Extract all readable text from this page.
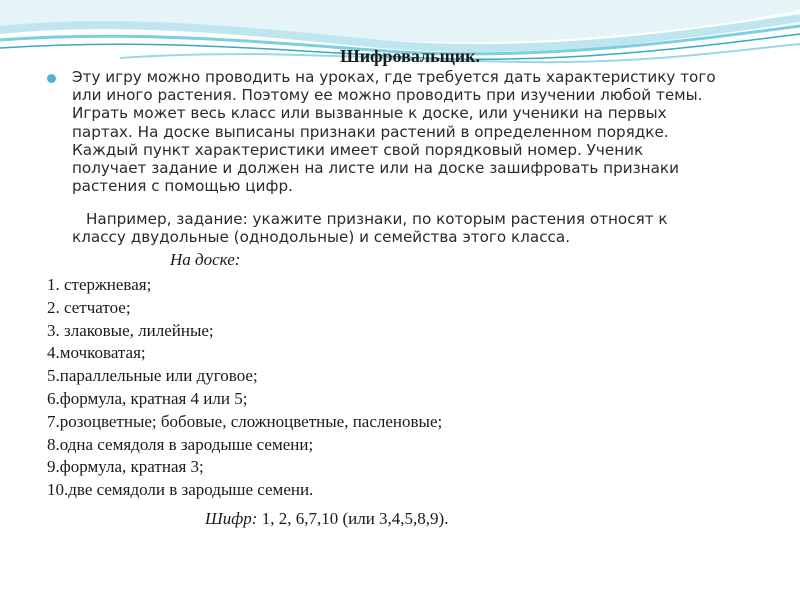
Шифровальщик.

Эту игру можно проводить на уроках, где требуется дать характеристику того
или иного растения. Поэтому ее можно проводить при изучении любой темы.
Играть может весь класс или вызванные к доске, или ученики на первых
партах. На доске выписаны признаки растений в определенном порядке.
Каждый пункт характеристики имеет свой порядковый номер. Ученик
получает задание и должен на листе или на доске зашифровать признаки
растения с помощью цифр.

Например, задание: укажите признаки, по которым растения относят к
классу двудольные (однодольные) и семейства этого класса.

На доске:
1. стержневая;
2. сетчатое;
3. злаковые, лилейные;
4.мочковатая;
5.параллельные или дуговое;
6.формула, кратная 4 или 5;
7.розоцветные; бобовые, сложноцветные, пасленовые;
8.одна семядоля в зародыше семени;
9.формула, кратная 3;
10.две семядоли в зародыше семени.
Шифр: 1, 2, 6,7,10 (или 3,4,5,8,9).
